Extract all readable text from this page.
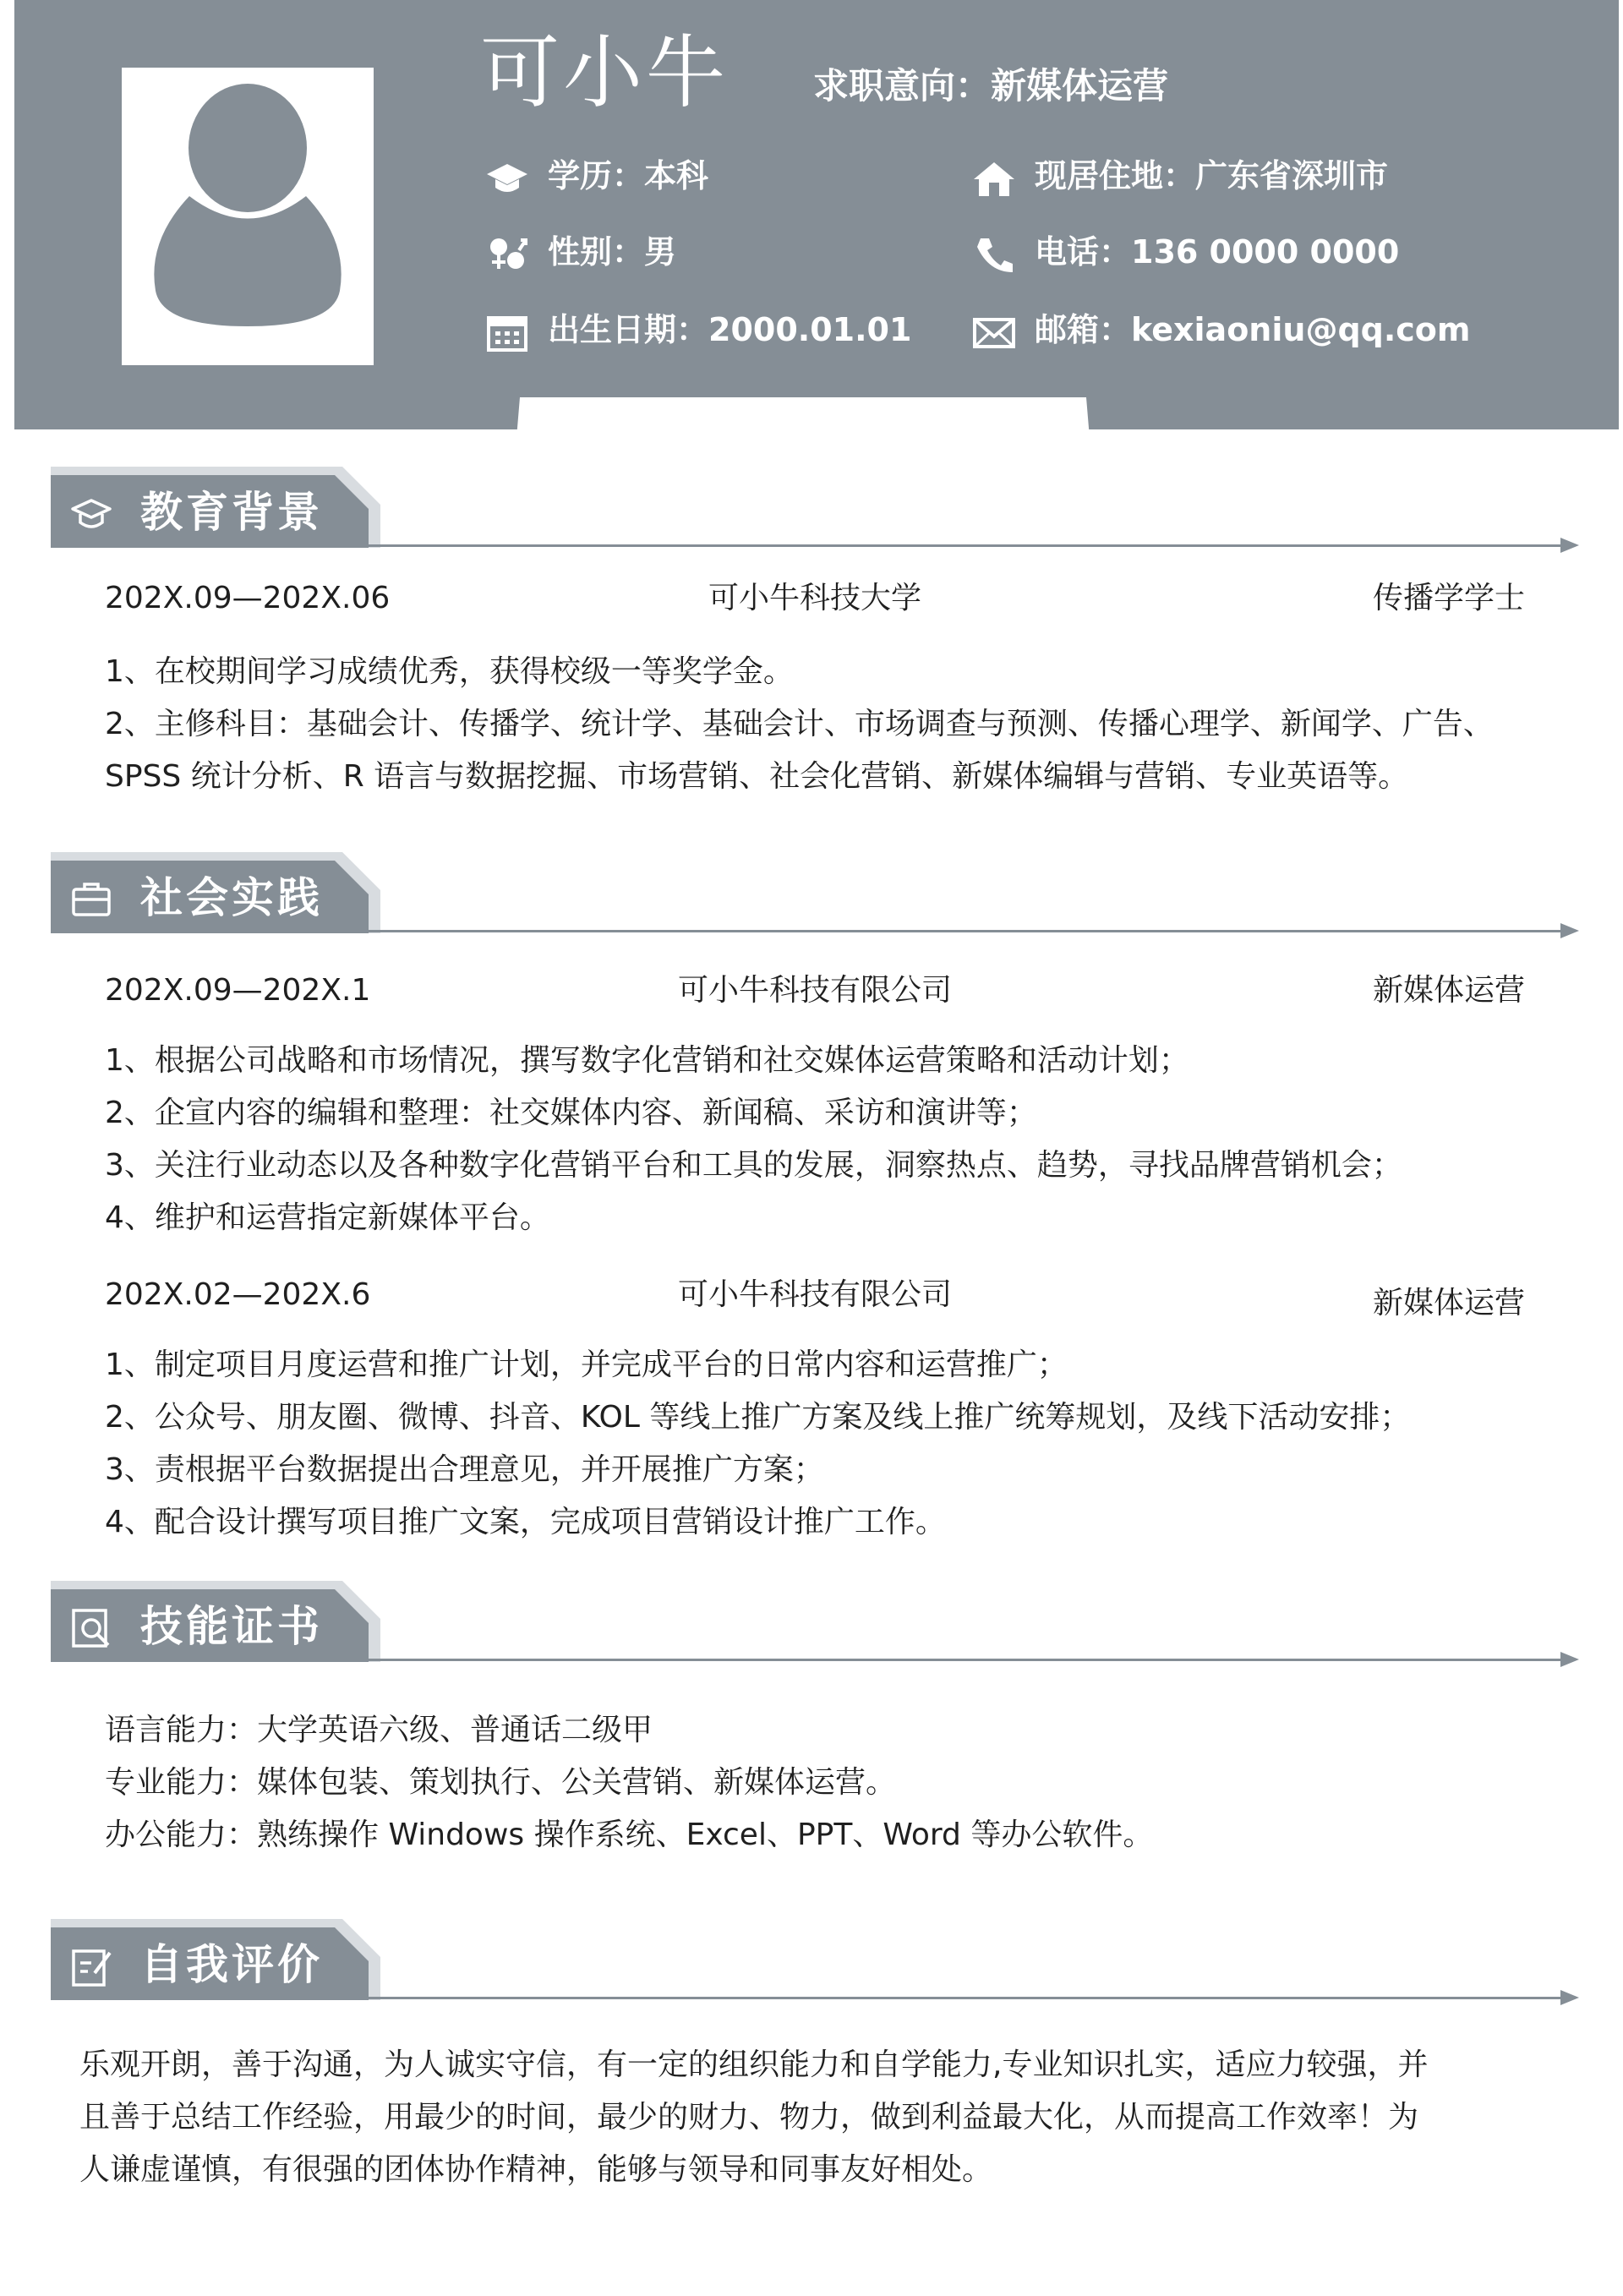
可小牛 求职意向：新媒体运营
学历：本科	现居住地：广东省深圳市
性别：男	电话：136 0000 0000
出生日期：2000.01.01	邮箱：kexiaoniu@qq.com
教育背景
202X.09—202X.06	可小牛科技大学	传播学学士
1、在校期间学习成绩优秀，获得校级一等奖学金。
2、主修科目：基础会计、传播学、统计学、基础会计、市场调查与预测、传播心理学、新闻学、广告、
SPSS 统计分析、R 语言与数据挖掘、市场营销、社会化营销、新媒体编辑与营销、专业英语等。
社会实践
202X.09—202X.1	可小牛科技有限公司	新媒体运营
1、根据公司战略和市场情况，撰写数字化营销和社交媒体运营策略和活动计划；
2、企宣内容的编辑和整理：社交媒体内容、新闻稿、采访和演讲等；
3、关注行业动态以及各种数字化营销平台和工具的发展，洞察热点、趋势，寻找品牌营销机会；
4、维护和运营指定新媒体平台。
202X.02—202X.6	可小牛科技有限公司	新媒体运营
1、制定项目月度运营和推广计划，并完成平台的日常内容和运营推广；
2、公众号、朋友圈、微博、抖音、KOL 等线上推广方案及线上推广统筹规划，及线下活动安排；
3、责根据平台数据提出合理意见，并开展推广方案；
4、配合设计撰写项目推广文案，完成项目营销设计推广工作。
技能证书
语言能力：大学英语六级、普通话二级甲
专业能力：媒体包装、策划执行、公关营销、新媒体运营。
办公能力：熟练操作 Windows 操作系统、Excel、PPT、Word 等办公软件。
自我评价
乐观开朗，善于沟通，为人诚实守信，有一定的组织能力和自学能力,专业知识扎实，适应力较强，并
且善于总结工作经验，用最少的时间，最少的财力、物力，做到利益最大化，从而提高工作效率！为
人谦虚谨慎，有很强的团体协作精神，能够与领导和同事友好相处。
